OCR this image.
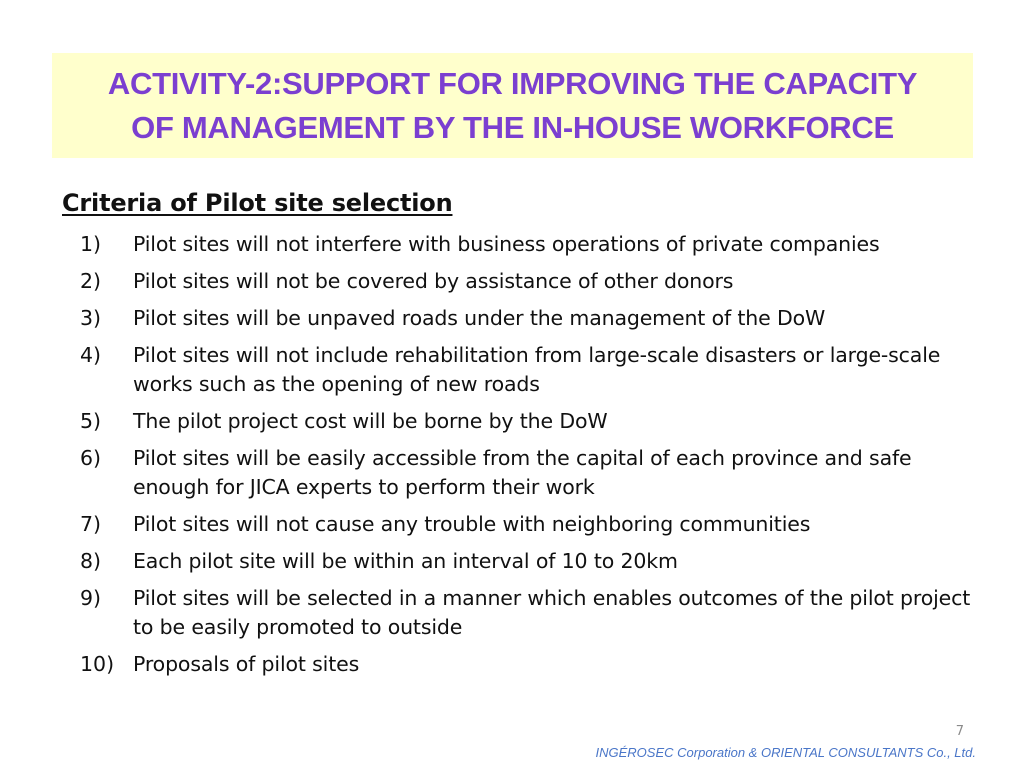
ACTIVITY-2:SUPPORT FOR IMPROVING THE CAPACITY
OF MANAGEMENT BY THE IN-HOUSE WORKFORCE
Criteria of Pilot site selection
1)	Pilot sites will not interfere with business operations of private companies
2)	Pilot sites will not be covered by assistance of other donors
3)	Pilot sites will be unpaved roads under the management of the DoW
4)	Pilot sites will not include rehabilitation from large-scale disasters or large-scale works such as the opening of new roads
5)	The pilot project cost will be borne by the DoW
6)	Pilot sites will be easily accessible from the capital of each province and safe enough for JICA experts to perform their work
7)	Pilot sites will not cause any trouble with neighboring communities
8)	Each pilot site will be within an interval of 10 to 20km
9)	Pilot sites will be selected in a manner which enables outcomes of the pilot project to be easily promoted to outside
10) Proposals of pilot sites
7
INGÉROSEC Corporation & ORIENTAL CONSULTANTS Co., Ltd.
